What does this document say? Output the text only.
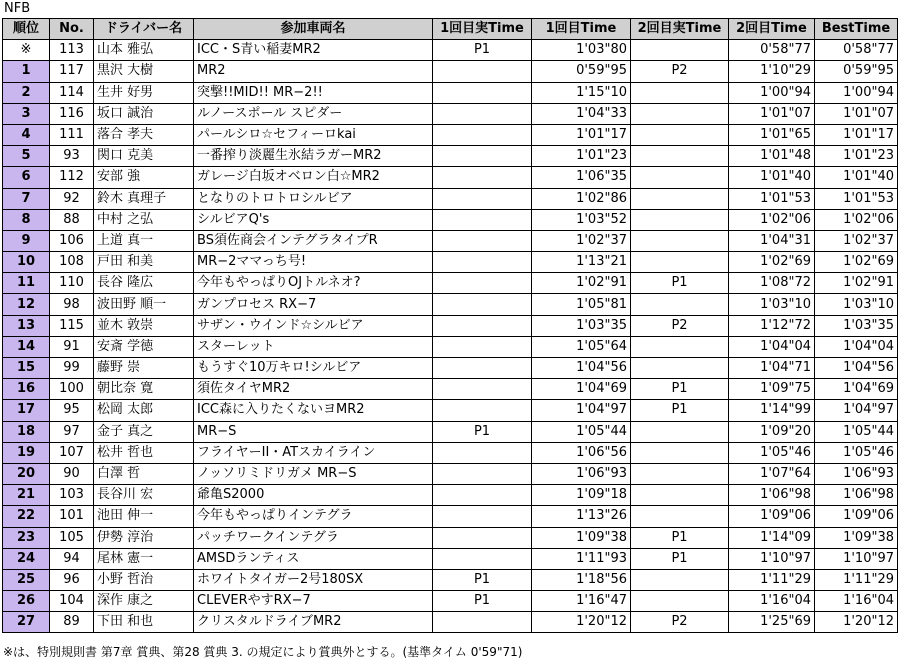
NFB
順位	No.	ドライバー名	参加車両名	1回目実Time	1回目Time	2回目実Time	2回目Time	BestTime
※	113	山本 雅弘	ICC・S青い稲妻MR2	P1	1'03"80		0'58"77	0'58"77
1	117	黒沢 大樹	MR2		0'59"95	P2	1'10"29	0'59"95
2	114	生井 好男	突撃!!MID!! MR−2!!		1'15"10		1'00"94	1'00"94
3	116	坂口 誠治	ルノースポール スピダー		1'04"33		1'01"07	1'01"07
4	111	落合 孝夫	パールシロ☆セフィーロkai		1'01"17		1'01"65	1'01"17
5	93	関口 克美	一番搾り淡麗生氷結ラガーMR2		1'01"23		1'01"48	1'01"23
6	112	安部 強	ガレージ白坂オベロン白☆MR2		1'06"35		1'01"40	1'01"40
7	92	鈴木 真理子	となりのトロトロシルビア		1'02"86		1'01"53	1'01"53
8	88	中村 之弘	シルビアQ's		1'03"52		1'02"06	1'02"06
9	106	上道 真一	BS須佐商会インテグラタイプR		1'02"37		1'04"31	1'02"37
10	108	戸田 和美	MR−2ママっち号!		1'13"21		1'02"69	1'02"69
11	110	長谷 隆広	今年もやっぱりOJトルネオ?		1'02"91	P1	1'08"72	1'02"91
12	98	波田野 順一	ガンプロセス RX−7		1'05"81		1'03"10	1'03"10
13	115	並木 敦崇	サザン・ウインド☆シルビア		1'03"35	P2	1'12"72	1'03"35
14	91	安斎 学徳	スターレット		1'05"64		1'04"04	1'04"04
15	99	藤野 崇	もうすぐ10万キロ!シルビア		1'04"56		1'04"71	1'04"56
16	100	朝比奈 寛	須佐タイヤMR2		1'04"69	P1	1'09"75	1'04"69
17	95	松岡 太郎	ICC森に入りたくないヨMR2		1'04"97	P1	1'14"99	1'04"97
18	97	金子 真之	MR−S	P1	1'05"44		1'09"20	1'05"44
19	107	松井 哲也	フライヤーII・ATスカイライン		1'06"56		1'05"46	1'05"46
20	90	白澤 哲	ノッソリミドリガメ MR−S		1'06"93		1'07"64	1'06"93
21	103	長谷川 宏	爺亀S2000		1'09"18		1'06"98	1'06"98
22	101	池田 伸一	今年もやっぱりインテグラ		1'13"26		1'09"06	1'09"06
23	105	伊勢 淳治	パッチワークインテグラ		1'09"38	P1	1'14"09	1'09"38
24	94	尾林 憲一	AMSDランティス		1'11"93	P1	1'10"97	1'10"97
25	96	小野 哲治	ホワイトタイガー2号180SX	P1	1'18"56		1'11"29	1'11"29
26	104	深作 康之	CLEVERやすRX−7	P1	1'16"47		1'16"04	1'16"04
27	89	下田 和也	クリスタルドライブMR2		1'20"12	P2	1'25"69	1'20"12
※は、特別規則書 第7章 賞典、第28 賞典 3. の規定により賞典外とする。(基準タイム 0'59"71)
